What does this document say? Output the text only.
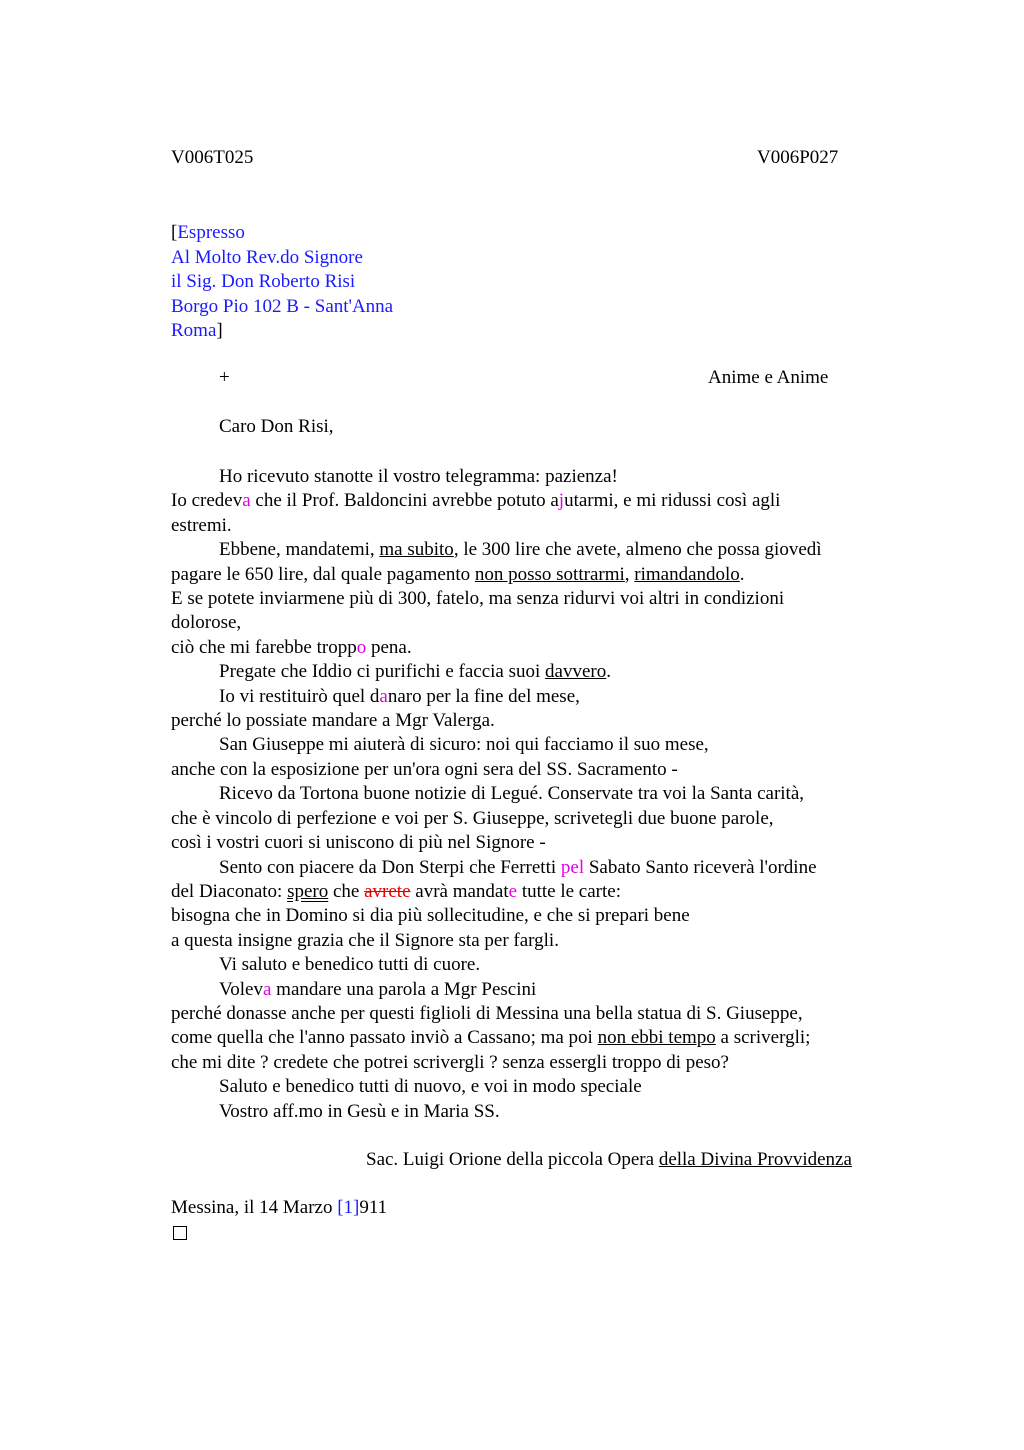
V006T025	V006P027
[Espresso
Al Molto Rev.do Signore
il Sig. Don Roberto Risi
Borgo Pio 102 B - Sant'Anna
Roma]
+	Anime e Anime
Caro Don Risi,
Ho ricevuto stanotte il vostro telegramma: pazienza!
Io credeva che il Prof. Baldoncini avrebbe potuto ajutarmi, e mi ridussi così agli
estremi.
Ebbene, mandatemi, ma subito, le 300 lire che avete, almeno che possa giovedì
pagare le 650 lire, dal quale pagamento non posso sottrarmi, rimandandolo.
E se potete inviarmene più di 300, fatelo, ma senza ridurvi voi altri in condizioni
dolorose,
ciò che mi farebbe troppo pena.
Pregate che Iddio ci purifichi e faccia suoi davvero.
Io vi restituirò quel danaro per la fine del mese,
perché lo possiate mandare a Mgr Valerga.
San Giuseppe mi aiuterà di sicuro: noi qui facciamo il suo mese,
anche con la esposizione per un'ora ogni sera del SS. Sacramento -
Ricevo da Tortona buone notizie di Legué. Conservate tra voi la Santa carità,
che è vincolo di perfezione e voi per S. Giuseppe, scrivetegli due buone parole,
così i vostri cuori si uniscono di più nel Signore -
Sento con piacere da Don Sterpi che Ferretti pel Sabato Santo riceverà l'ordine
del Diaconato: spero che avrete avrà mandate tutte le carte:
bisogna che in Domino si dia più sollecitudine, e che si prepari bene
a questa insigne grazia che il Signore sta per fargli.
Vi saluto e benedico tutti di cuore.
Voleva mandare una parola a Mgr Pescini
perché donasse anche per questi figlioli di Messina una bella statua di S. Giuseppe,
come quella che l'anno passato inviò a Cassano; ma poi non ebbi tempo a scrivergli;
che mi dite ? credete che potrei scrivergli ? senza essergli troppo di peso?
Saluto e benedico tutti di nuovo, e voi in modo speciale
Vostro aff.mo in Gesù e in Maria SS.
Sac. Luigi Orione della piccola Opera della Divina Provvidenza
Messina, il 14 Marzo [1]911
